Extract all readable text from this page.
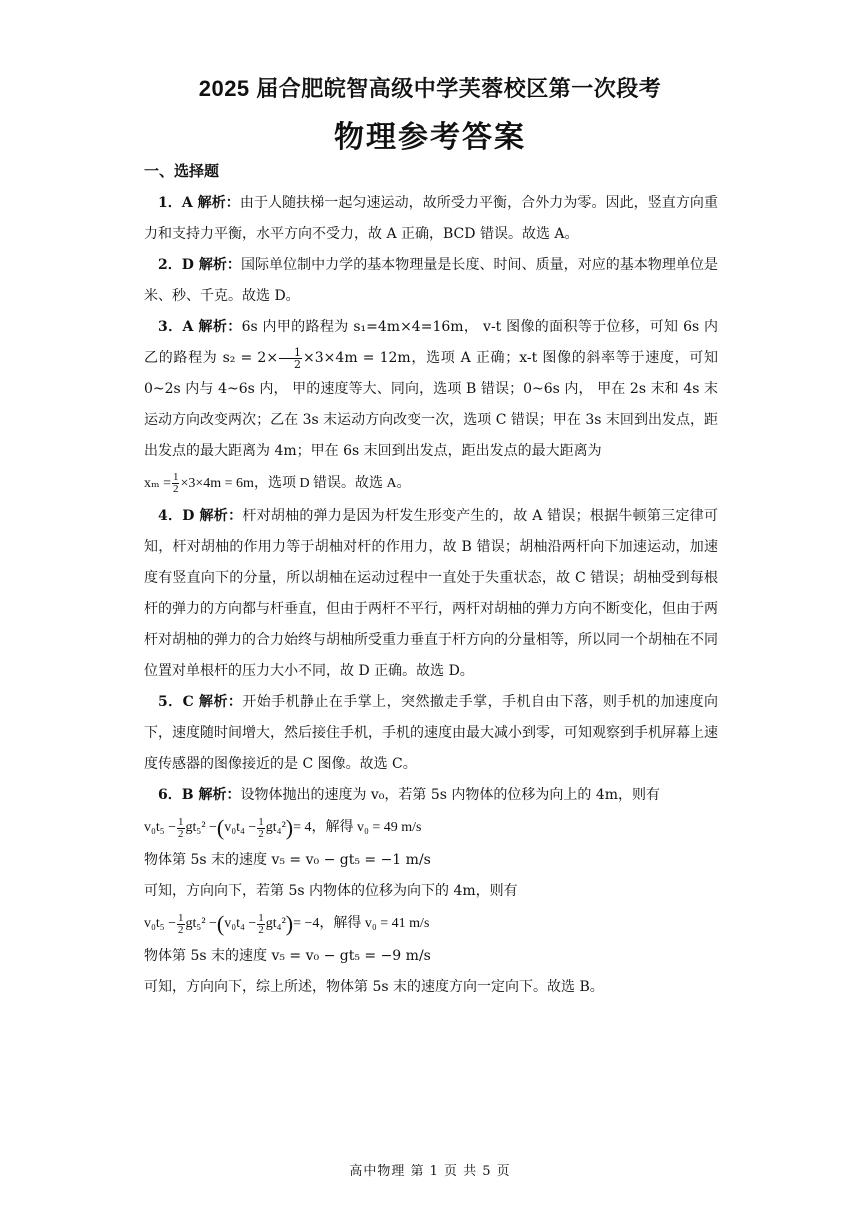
2025 届合肥皖智高级中学芙蓉校区第一次段考
物理参考答案
一、选择题

1．A 解析：由于人随扶梯一起匀速运动，故所受力平衡，合外力为零。因此，竖直方向重力和支持力平衡，水平方向不受力，故 A 正确，BCD 错误。故选 A。

2．D 解析：国际单位制中力学的基本物理量是长度、时间、质量，对应的基本物理单位是米、秒、千克。故选 D。

3．A 解析：6s 内甲的路程为 s₁=4m×4=16m， v-t 图像的面积等于位移，可知 6s 内乙的路程为 $s_2 = 2\times \frac{1}{2} \times 3\times 4m = 12m$，选项 A 正确；x-t 图像的斜率等于速度，可知 0~2s 内与 4~6s 内， 甲的速度等大、同向，选项 B 错误；0~6s 内， 甲在 2s 末和 4s 末运动方向改变两次；乙在 3s 末运动方向改变一次，选项 C 错误；甲在 3s 末回到出发点，距出发点的最大距离为 4m；甲在 6s 末回到出发点，距出发点的最大距离为

$x_m = \frac{1}{2} \times 3\times 4m = 6m$，选项 D 错误。故选 A。

4．D 解析：杆对胡柚的弹力是因为杆发生形变产生的，故 A 错误；根据牛顿第三定律可知，杆对胡柚的作用力等于胡柚对杆的作用力，故 B 错误；胡柚沿两杆向下加速运动，加速度有竖直向下的分量，所以胡柚在运动过程中一直处于失重状态，故 C 错误；胡柚受到每根杆的弹力的方向都与杆垂直，但由于两杆不平行，两杆对胡柚的弹力方向不断变化，但由于两杆对胡柚的弹力的合力始终与胡柚所受重力垂直于杆方向的分量相等，所以同一个胡柚在不同位置对单根杆的压力大小不同，故 D 正确。故选 D。

5．C 解析：开始手机静止在手掌上，突然撤走手掌，手机自由下落，则手机的加速度向下，速度随时间增大，然后接住手机，手机的速度由最大减小到零，可知观察到手机屏幕上速度传感器的图像接近的是 C 图像。故选 C。

6．B 解析：设物体抛出的速度为 v₀，若第 5s 内物体的位移为向上的 4m，则有

$v_0t_5 - \frac{1}{2} gt_5^2 -(v_0t_4 - \frac{1}{2} gt_4^2)= 4$，解得 v₀ = 49 m/s

物体第 5s 末的速度 v₅ = v₀ − gt₅ = −1 m/s

可知，方向向下，若第 5s 内物体的位移为向下的 4m，则有

$v_0t_5 - \frac{1}{2} gt_5^2 -(v_0t_4 - \frac{1}{2} gt_4^2)= -4$，解得 v₀ = 41 m/s

物体第 5s 末的速度 v₅ = v₀ − gt₅ = −9 m/s

可知，方向向下，综上所述，物体第 5s 末的速度方向一定向下。故选 B。

高中物理 第 1 页 共 5 页
